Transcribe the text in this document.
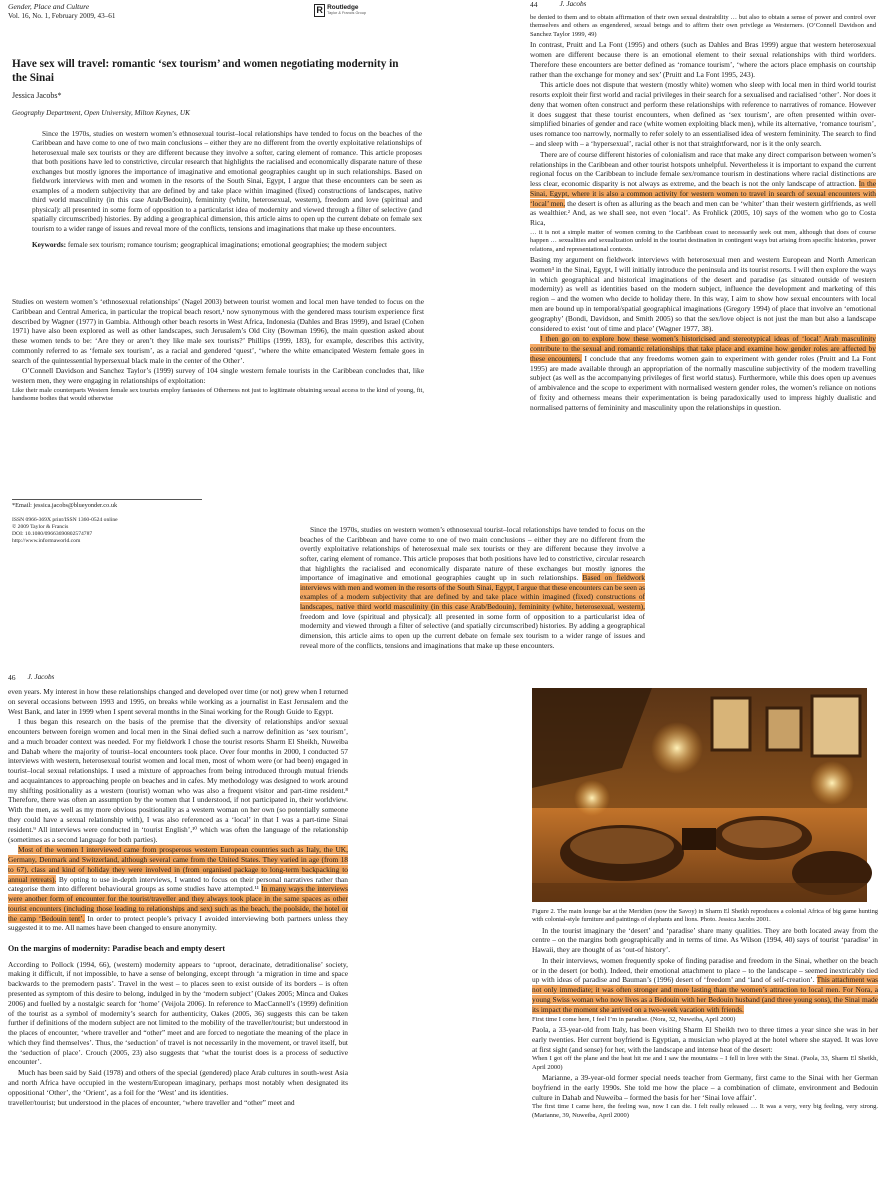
Gender, Place and Culture
Vol. 16, No. 1, February 2009, 43–61
R Routledge
Taylor & Francis Group
Have sex will travel: romantic ‘sex tourism’ and women negotiating modernity in the Sinai
Jessica Jacobs*
Geography Department, Open University, Milton Keynes, UK

Since the 1970s, studies on western women’s ethnosexual tourist–local relationships have tended to focus on the beaches of the Caribbean and have come to one of two main conclusions – either they are no different from the overtly exploitative relationships of heterosexual male sex tourists or they are different because they involve a softer, caring element of romance. This article proposes that both positions have led to constrictive, circular research that highlights the racialised and economically disparate nature of these exchanges but mostly ignores the importance of imaginative and emotional geographies caught up in such relationships. Based on fieldwork interviews with men and women in the resorts of the South Sinai, Egypt, I argue that these encounters can be seen as examples of a modern subjectivity that are defined by and take place within imagined (fixed) constructions of landscapes, native third world masculinity (in this case Arab/Bedouin), femininity (white, heterosexual, western), freedom and love (spiritual and physical): all presented in some form of opposition to a particularist idea of modernity and viewed through a filter of selective (and spatially circumscribed) histories. By adding a geographical dimension, this article aims to open up the current debate on female sex tourism to a wider range of issues and reveal more of the conflicts, tensions and imaginations that make up these encounters.

Keywords: female sex tourism; romance tourism; geographical imaginations; emotional geographies; the modern subject

Studies on western women’s ‘ethnosexual relationships’ (Nagel 2003) between tourist women and local men have tended to focus on the Caribbean and Central America, in particular the tropical beach resort,¹ now synonymous with the gendered mass tourism experience first described by Wagner (1977) in Gambia. Although other beach resorts in West Africa, Indonesia (Dahles and Bras 1999), and Israel (Cohen 1971) have also been explored as well as other landscapes, such Jerusalem’s Old City (Bowman 1996), the main question asked about these women tends to be: ‘Are they or aren’t they like male sex tourists?’ Phillips (1999, 183), for example, describes this activity, commonly referred to as ‘female sex tourism’, as a racial and gendered ‘quest’, ‘where the white emancipated Western female goes in search of the quintessential hypersexual black male in the center of the Other’.

O’Connell Davidson and Sanchez Taylor’s (1999) survey of 104 single western female tourists in the Caribbean concludes that, like western men, they were engaging in relationships of exploitation:

Like their male counterparts Western female sex tourists employ fantasies of Otherness not just to legitimate obtaining sexual access to the kind of young, fit, handsome bodies that would otherwise

*Email: jessica.jacobs@blueyonder.co.uk
ISSN 0966-369X print/ISSN 1360-0524 online
© 2009 Taylor & Francis
DOI: 10.1080/09663690802574787
http://www.informaworld.com
44	J. Jacobs

be denied to them and to obtain affirmation of their own sexual desirability … but also to obtain a sense of power and control over themselves and others as engendered, sexual beings and to affirm their own privilege as Westerners. (O’Connell Davidson and Sanchez Taylor 1999, 49)

In contrast, Pruitt and La Font (1995) and others (such as Dahles and Bras 1999) argue that western heterosexual women are different because there is an emotional element to their sexual relationships with third worlders. Therefore these encounters are better defined as ‘romance tourism’, ‘where the actors place emphasis on courtship rather than the exchange for money and sex’ (Pruitt and La Font 1995, 243).

This article does not dispute that western (mostly white) women who sleep with local men in third world tourist resorts exploit their first world and racial privileges in their search for a sexualised and racialised ‘other’. Nor does it deny that women often construct and perform these relationships with reference to narratives of romance. However it does suggest that these tourist encounters, when defined as ‘sex tourism’, are often presented within over-simplified binaries of gender and race (white women exploiting black men), while its alternative, ‘romance tourism’, uses romance too narrowly, normally to refer solely to an essentialised idea of western femininity. The search to find – and sleep with – a ‘hypersexual’, racial other is not that straightforward, nor is it the only search.

There are of course different histories of colonialism and race that make any direct comparison between women’s relationships in the Caribbean and other tourist hotspots unhelpful. Nevertheless it is important to expand the current regional focus on the Caribbean to include female sex/romance tourism in destinations where racial distinctions are less clear, economic disparity is not always as extreme, and the beach is not the only landscape of attraction. In the Sinai, Egypt, where it is also a common activity for western women to travel in search of sexual encounters with ‘local’ men, the desert is often as alluring as the beach and men can be ‘whiter’ than their western girlfriends, as well as wealthier.² And, as we shall see, not even ‘local’. As Frohlick (2005, 10) says of the women who go to Costa Rica,

… it is not a simple matter of women coming to the Caribbean coast to necessarily seek out men, although that does of course happen … sexualities and sexualization unfold in the tourist destination in contingent ways but arising from specific histories, power relations, and representational contexts.

Basing my argument on fieldwork interviews with heterosexual men and western European and North American women³ in the Sinai, Egypt, I will initially introduce the peninsula and its tourist resorts. I will then explore the ways in which geographical and historical imaginations of the desert and paradise (as situated outside of western modernity) as well as identities based on the modern subject, influence the development and marketing of this region – and the women who decide to holiday there. In this way, I aim to show how sexual encounters with local men are bound up in temporal/spatial geographical imaginations (Gregory 1994) of place that involve an ‘emotional geography’ (Bondi, Davidson, and Smith 2005) so that the sex/love object is not just the man but also a landscape considered to exist ‘out of time and place’ (Wagner 1977, 38).

I then go on to explore how these women’s historicised and stereotypical ideas of ‘local’ Arab masculinity contribute to the sexual and romantic relationships that take place and examine how gender roles are affected by these encounters. I conclude that any freedoms women gain to experiment with gender roles (Pruitt and La Font 1995) are made available through an appropriation of the normally masculine subjectivity of the modern travelling subject (as well as the accompanying privileges of first world status). Furthermore, while this does open up avenues of ambivalence and the scope to experiment with normalised western gender roles, the women’s reliance on notions of fixity and otherness means their experimentation is being paradoxically used to impress highly dualistic and normalised patterns of femininity and masculinity upon the relationships in question.

Since the 1970s, studies on western women’s ethnosexual tourist–local relationships have tended to focus on the beaches of the Caribbean and have come to one of two main conclusions – either they are no different from the overtly exploitative relationships of heterosexual male sex tourists or they are different because they involve a softer, caring element of romance. This article proposes that both positions have led to constrictive, circular research that highlights the racialised and economically disparate nature of these exchanges but mostly ignores the importance of imaginative and emotional geographies caught up in such relationships. Based on fieldwork interviews with men and women in the resorts of the South Sinai, Egypt, I argue that these encounters can be seen as examples of a modern subjectivity that are defined by and take place within imagined (fixed) constructions of landscapes, native third world masculinity (in this case Arab/Bedouin), femininity (white, heterosexual, western), freedom and love (spiritual and physical): all presented in some form of opposition to a particularist idea of modernity and viewed through a filter of selective (and spatially circumscribed) histories. By adding a geographical dimension, this article aims to open up the current debate on female sex tourism to a wider range of issues and reveal more of the conflicts, tensions and imaginations that make up these encounters.

46 J. Jacobs

even years. My interest in how these relationships changed and developed over time (or not) grew when I returned on several occasions between 1993 and 1995, on breaks while working as a journalist in East Jerusalem and the West Bank, and later in 1999 when I spent several months in the Sinai working for the Rough Guide to Egypt.

I thus began this research on the basis of the premise that the diversity of relationships and/or sexual encounters between foreign women and local men in the Sinai defied such a narrow definition as ‘sex tourism’, and a much broader context was needed. For my fieldwork I chose the tourist resorts Sharm El Sheikh, Nuweiba and Dahab where the majority of tourist–local encounters took place. Over four months in 2000, I conducted 57 interviews with western, heterosexual tourist women and local men, most of whom were (or had been) engaged in tourist–local sexual relationships. I used a mixture of approaches from being introduced through mutual friends and acquaintances to approaching people on beaches and in cafes. My methodology was designed to work around my shifting positionality as a western (tourist) woman who was also a frequent visitor and part-time resident.⁸ Therefore, there was often an assumption by the women that I understood, if not participated in, their worldview. With the men, as well as my more obvious positionality as a western woman on her own (so potentially someone they could have a sexual relationship with), I was also referenced as a ‘local’ in that I was a part-time Sinai resident.⁹ All interviews were conducted in ‘tourist English’,¹⁰ which was often the language of the relationship (sometimes as a second language for both parties).

Most of the women I interviewed came from prosperous western European countries such as Italy, the UK, Germany, Denmark and Switzerland, although several came from the United States. They varied in age (from 18 to 67), class and kind of holiday they were involved in (from organised package to long-term backpacking to annual retreats). By opting to use in-depth interviews, I wanted to focus on their personal narratives rather than categorise them into different behavioural groups as some studies have attempted.¹¹ In many ways the interviews were another form of encounter for the tourist/traveller and they always took place in the same spaces as other tourist encounters (including those leading to relationships and sex) such as the beach, the poolside, the hotel or the camp ‘Bedouin tent’. In order to protect people’s privacy I avoided interviewing both partners unless they suggested it to me. All names have been changed to ensure anonymity.

On the margins of modernity: Paradise beach and empty desert

According to Pollock (1994, 66), (western) modernity appears to ‘uproot, deracinate, detraditionalise’ society, making it difficult, if not impossible, to have a sense of belonging, except through ‘a migration in time and space backwards to the premodern pasts’. Travel in the west – to places seen to exist outside of its borders – is often presented as symptom of this desire to belong, indulged in by the ‘modern subject’ (Oakes 2005; Minca and Oakes 2006) and fuelled by a nostalgic search for ‘home’ (Veijola 2006). In reference to MacCannell’s (1999) definition of the tourist as a symbol of modernity’s search for authenticity, Oakes (2005, 36) suggests this can be taken further if definitions of the modern subject are not limited to the mobility of the traveller/tourist; but understood in the places of encounter, ‘where traveller and “other” meet and are forced to negotiate the meaning of the place in which they find themselves’. Thus, the ‘seduction’ of travel is not necessarily in the movement, or travel itself, but the ‘seduction of place’. Crouch (2005, 23) also suggests that ‘what the tourist does is a process of seductive encounter’.

Much has been said by Said (1978) and others of the special (gendered) place Arab cultures in south-west Asia and north Africa have occupied in the western/European imaginary, perhaps most notably when designated its oppositional ‘Other’, the ‘Orient’, as a foil for the ‘West’ and its identities.

traveller/tourist; but understood in the places of encounter, ‘where traveller and “other” meet and

Figure 2. The main lounge bar at the Meridien (now the Savoy) in Sharm El Sheikh reproduces a colonial Africa of big game hunting with colonial-style furniture and paintings of elephants and lions. Photo. Jessica Jacobs 2001.

In the tourist imaginary the ‘desert’ and ‘paradise’ share many qualities. They are both located away from the centre – on the margins both geographically and in terms of time. As Wilson (1994, 40) says of tourist ‘paradise’ in Hawaii, they are thought of as ‘out-of history’.

In their interviews, women frequently spoke of finding paradise and freedom in the Sinai, whether on the beach or in the desert (or both). Indeed, their emotional attachment to place – to the landscape – seemed inextricably tied up with ideas of paradise and Bauman’s (1996) desert of ‘freedom’ and ‘land of self-creation’. This attachment was not only immediate; it was often stronger and more lasting than the women’s attraction to local men. For Nora, a young Swiss woman who now lives as a Bedouin with her Bedouin husband (and three young sons), the Sinai made its impact the moment she arrived on a two-week vacation with friends.

First time I come here, I feel I’m in paradise. (Nora, 32, Nuweiba, April 2000)

Paola, a 33-year-old from Italy, has been visiting Sharm El Sheikh two to three times a year since she was in her early twenties. Her current boyfriend is Egyptian, a musician who played at the hotel where she stayed. It was love at first sight (and sense) for her, with the landscape and intense heat of the desert:

When I got off the plane and the heat hit me and I saw the mountains – I fell in love with the Sinai. (Paola, 33, Sharm El Sheikh, April 2000)

Marianne, a 39-year-old former special needs teacher from Germany, first came to the Sinai with her German boyfriend in the early 1990s. She told me how the place – a combination of climate, environment and Bedouin culture in Dahab and Nuweiba – formed the basis for her ‘Sinai love affair’.

The first time I came here, the feeling was, now I can die. I felt really released … It was a very, very big feeling, very strong. (Marianne, 39, Nuweiba, April 2000)
